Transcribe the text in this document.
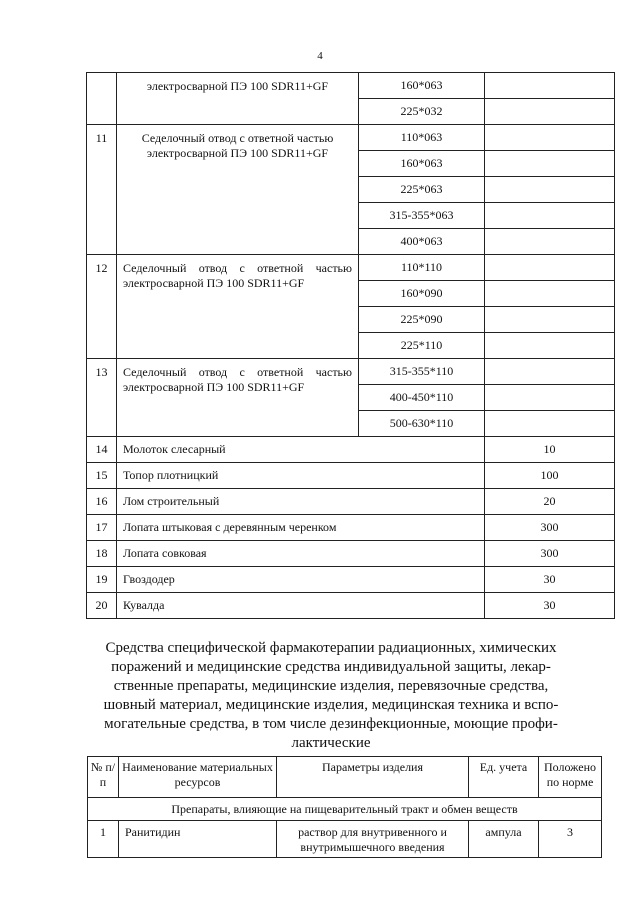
4
	электросварной ПЭ 100 SDR11+GF	160*063	
		225*032	
11	Седелочный отвод с ответной частью электросварной ПЭ 100 SDR11+GF	110*063	
		160*063	
		225*063	
		315-355*063	
		400*063	
12	Седелочный отвод с ответной частью электросварной ПЭ 100 SDR11+GF	110*110	
		160*090	
		225*090	
		225*110	
13	Седелочный отвод с ответной частью электросварной ПЭ 100 SDR11+GF	315-355*110	
		400-450*110	
		500-630*110	
14	Молоток слесарный		10
15	Топор плотницкий		100
16	Лом строительный		20
17	Лопата штыковая с деревянным черенком		300
18	Лопата совковая		300
19	Гвоздодер		30
20	Кувалда		30
Средства специфической фармакотерапии радиационных, химических
поражений и медицинские средства индивидуальной защиты, лекар-
ственные препараты, медицинские изделия, перевязочные средства,
шовный материал, медицинские изделия, медицинская техника и вспо-
могательные средства, в том числе дезинфекционные, моющие профи-
лактические
№ п/п	Наименование материальных ресурсов	Параметры изделия	Ед. учета	Положено по норме
Препараты, влияющие на пищеварительный тракт и обмен веществ				
1	Ранитидин	раствор для внутривенного и внутримышечного введения	ампула	3
